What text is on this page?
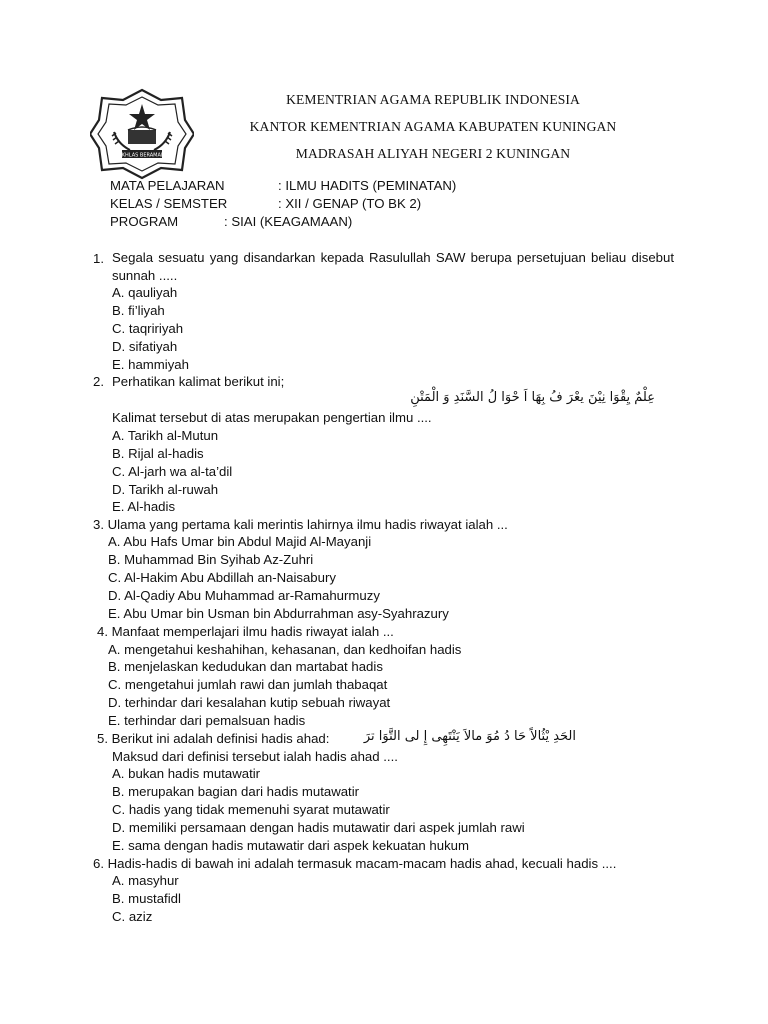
IKHLAS BERAMAL
KEMENTRIAN AGAMA REPUBLIK INDONESIA
KANTOR KEMENTRIAN AGAMA KABUPATEN KUNINGAN
MADRASAH ALIYAH NEGERI 2 KUNINGAN
MATA PELAJARAN	: ILMU HADITS (PEMINATAN)
KELAS / SEMSTER	: XII / GENAP (TO BK 2)
PROGRAM	: SIAI (KEAGAMAAN)
1. Segala sesuatu yang disandarkan kepada Rasulullah SAW berupa persetujuan beliau disebut sunnah .....
A. qauliyah
B. fi’liyah
C. taqririyah
D. sifatiyah
E. hammiyah
2. Perhatikan kalimat berikut ini;
عِلْمٌ يِقْوَا نِيْنَ يعْرَ فُ بِهَا اَ حْوَا لُ السَّنَدِ وَ الْمَتْنِ
Kalimat tersebut di atas merupakan pengertian ilmu ....
A. Tarikh al-Mutun
B. Rijal al-hadis
C. Al-jarh wa al-ta’dil
D. Tarikh al-ruwah
E. Al-hadis
3. Ulama yang pertama kali merintis lahirnya ilmu hadis riwayat ialah ...
A. Abu Hafs Umar bin Abdul Majid Al-Mayanji
B. Muhammad Bin Syihab Az-Zuhri
C. Al-Hakim Abu Abdillah an-Naisabury
D. Al-Qadiy Abu Muhammad ar-Ramahurmuzy
E. Abu Umar bin Usman bin Abdurrahman asy-Syahrazury
4. Manfaat memperlajari ilmu hadis riwayat ialah ...
A. mengetahui keshahihan, kehasanan, dan kedhoifan hadis
B. menjelaskan kedudukan dan martabat hadis
C. mengetahui jumlah rawi dan jumlah thabaqat
D. terhindar dari kesalahan kutip sebuah riwayat
E. terhindar dari pemalsuan hadis
5. Berikut ini adalah definisi hadis ahad:	الحَدِ يْثُالاً حَا دُ مُوَ مالاَ يَنْتَهِى إِ لى التَّوَا ترَ
Maksud dari definisi tersebut ialah hadis ahad ....
A. bukan hadis mutawatir
B. merupakan bagian dari hadis mutawatir
C. hadis yang tidak memenuhi syarat mutawatir
D. memiliki persamaan dengan hadis mutawatir dari aspek jumlah rawi
E. sama dengan hadis mutawatir dari aspek kekuatan hukum
6. Hadis-hadis di bawah ini adalah termasuk macam-macam hadis ahad, kecuali hadis ....
A. masyhur
B. mustafidl
C. aziz
